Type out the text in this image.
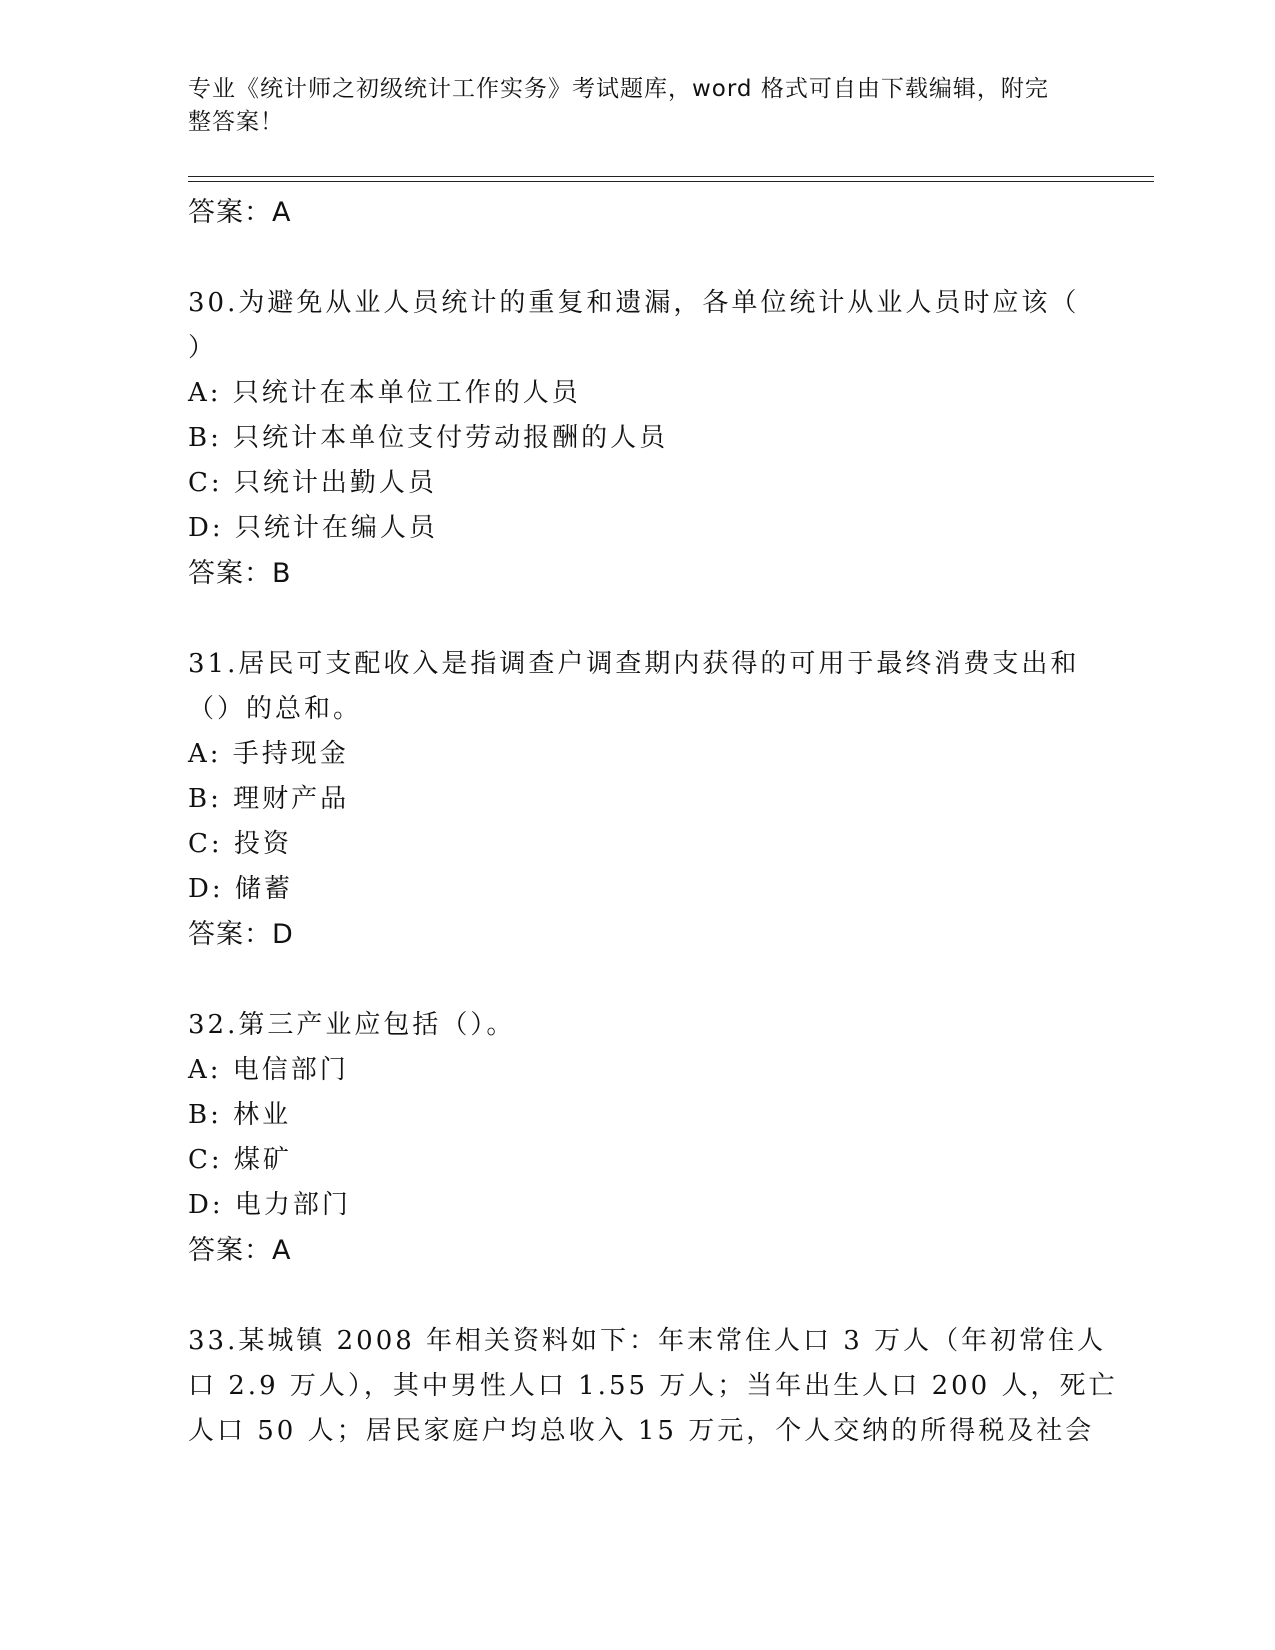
专业《统计师之初级统计工作实务》考试题库，word 格式可自由下载编辑，附完
整答案！
答案：A
30.为避免从业人员统计的重复和遗漏，各单位统计从业人员时应该（
）
A: 只统计在本单位工作的人员
B: 只统计本单位支付劳动报酬的人员
C: 只统计出勤人员
D: 只统计在编人员
答案：B
31.居民可支配收入是指调查户调查期内获得的可用于最终消费支出和
（）的总和。
A: 手持现金
B: 理财产品
C: 投资
D: 储蓄
答案：D
32.第三产业应包括（）。
A: 电信部门
B: 林业
C: 煤矿
D: 电力部门
答案：A
33.某城镇 2008 年相关资料如下：年末常住人口 3 万人（年初常住人
口 2.9 万人），其中男性人口 1.55 万人；当年出生人口 200 人，死亡
人口 50 人；居民家庭户均总收入 15 万元，个人交纳的所得税及社会
